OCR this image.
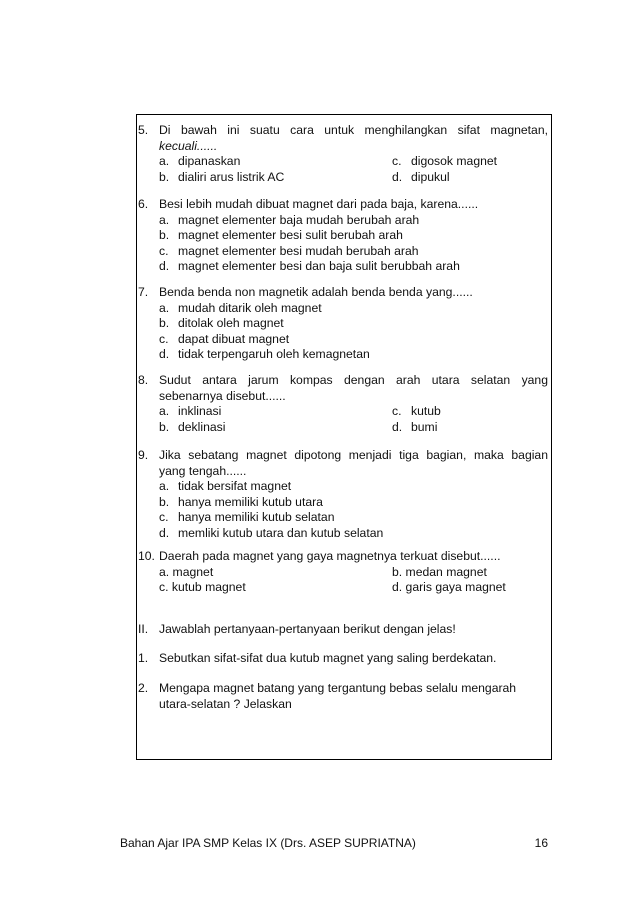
5. Di bawah ini suatu cara untuk menghilangkan sifat magnetan,
kecuali......
a. dipanaskan	c. digosok magnet
b. dialiri arus listrik AC	d. dipukul
6. Besi lebih mudah dibuat magnet dari pada baja, karena......
a. magnet elementer baja mudah berubah arah
b. magnet elementer besi sulit berubah arah
c. magnet elementer besi mudah berubah arah
d. magnet elementer besi dan baja sulit berubbah arah
7. Benda benda non magnetik adalah benda benda yang......
a. mudah ditarik oleh magnet
b. ditolak oleh magnet
c. dapat dibuat magnet
d. tidak terpengaruh oleh kemagnetan
8. Sudut antara jarum kompas dengan arah utara selatan yang
sebenarnya disebut......
a. inklinasi	c. kutub
b. deklinasi	d. bumi
9. Jika sebatang magnet dipotong menjadi tiga bagian, maka bagian
yang tengah......
a. tidak bersifat magnet
b. hanya memiliki kutub utara
c. hanya memiliki kutub selatan
d. memliki kutub utara dan kutub selatan
10. Daerah pada magnet yang gaya magnetnya terkuat disebut......
a. magnet	b. medan magnet
c. kutub magnet	d. garis gaya magnet
II. Jawablah pertanyaan-pertanyaan berikut dengan jelas!
1. Sebutkan sifat-sifat dua kutub magnet yang saling berdekatan.
2. Mengapa magnet batang yang tergantung bebas selalu mengarah
utara-selatan ? Jelaskan
Bahan Ajar IPA SMP Kelas IX (Drs. ASEP SUPRIATNA)	16
